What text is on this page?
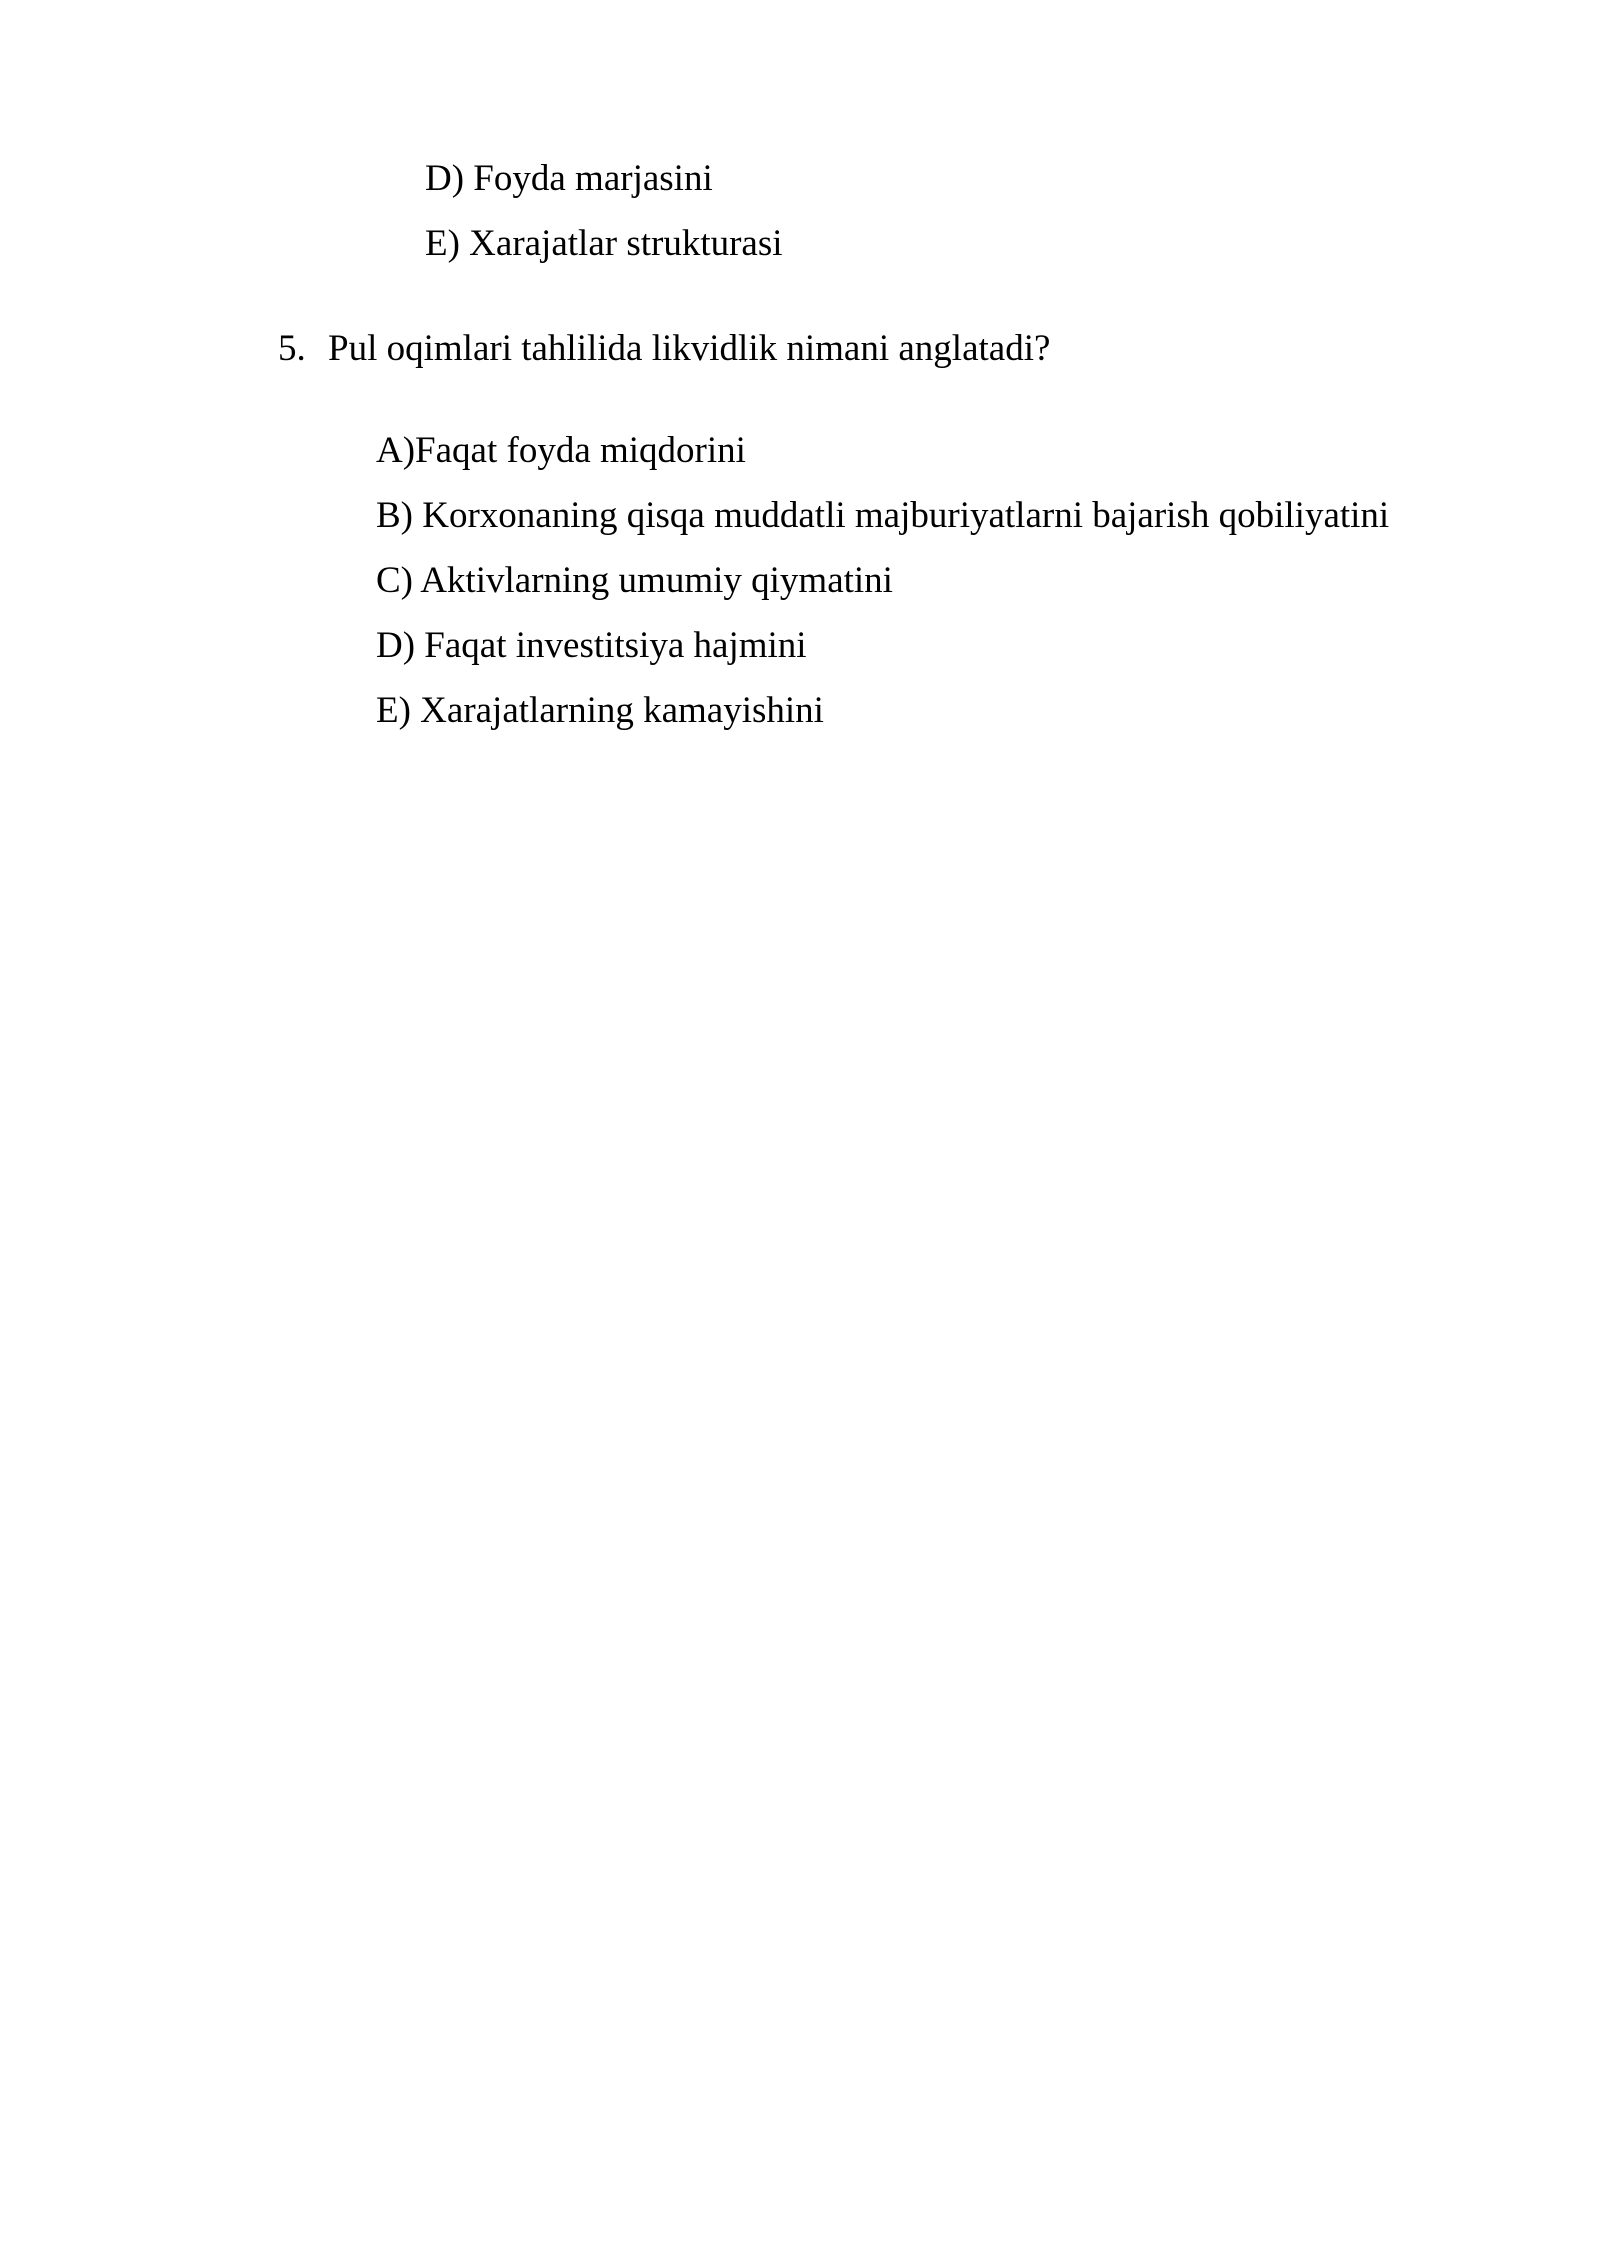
D) Foyda marjasini
E) Xarajatlar strukturasi
5. Pul oqimlari tahlilida likvidlik nimani anglatadi?
A)Faqat foyda miqdorini
B) Korxonaning qisqa muddatli majburiyatlarni bajarish qobiliyatini
C) Aktivlarning umumiy qiymatini
D) Faqat investitsiya hajmini
E) Xarajatlarning kamayishini
